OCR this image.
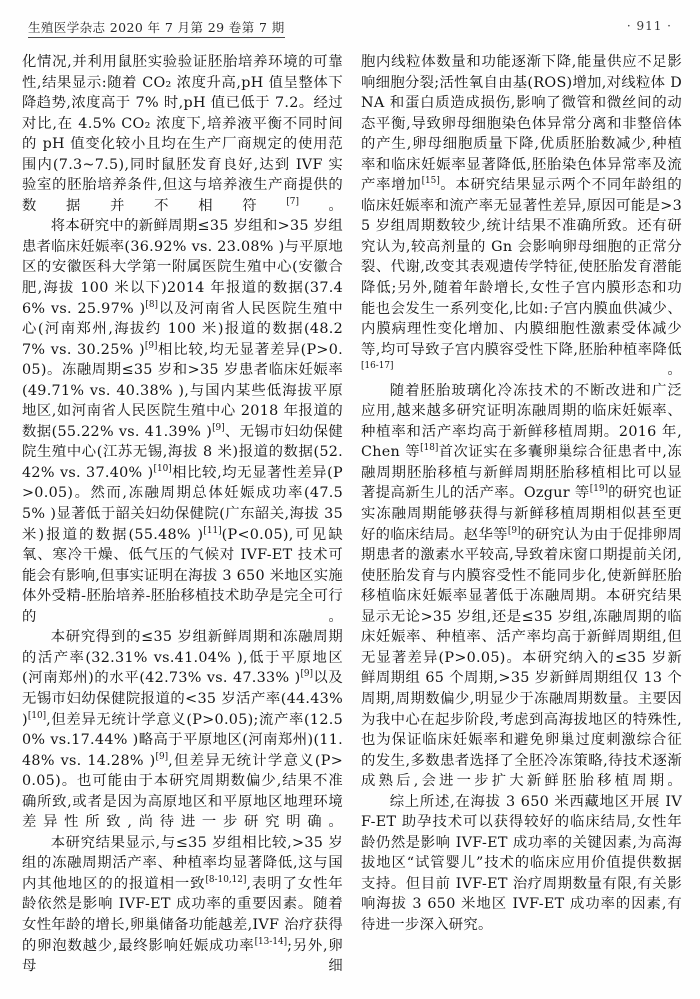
生殖医学杂志 2020 年 7 月第 29 卷第 7 期	· 911 ·

化情况,并利用鼠胚实验验证胚胎培养环境的可靠性,结果显示:随着 CO₂ 浓度升高,pH 值呈整体下降趋势,浓度高于 7% 时,pH 值已低于 7.2。经过对比,在 4.5% CO₂ 浓度下,培养液平衡不同时间的 pH 值变化较小且均在生产厂商规定的使用范围内(7.3~7.5),同时鼠胚发育良好,达到 IVF 实验室的胚胎培养条件,但这与培养液生产商提供的数据并不相符[7]。

将本研究中的新鲜周期≤35 岁组和>35 岁组患者临床妊娠率(36.92% vs. 23.08% )与平原地区的安徽医科大学第一附属医院生殖中心(安徽合肥,海拔 100 米以下)2014 年报道的数据(37.46% vs. 25.97% )[8]以及河南省人民医院生殖中心(河南郑州,海拔约 100 米)报道的数据(48.27% vs. 30.25% )[9]相比较,均无显著差异(P>0.05)。冻融周期≤35 岁和>35 岁患者临床妊娠率(49.71% vs. 40.38% ),与国内某些低海拔平原地区,如河南省人民医院生殖中心 2018 年报道的数据(55.22% vs. 41.39% )[9]、无锡市妇幼保健院生殖中心(江苏无锡,海拔 8 米)报道的数据(52.42% vs. 37.40% )[10]相比较,均无显著性差异(P>0.05)。然而,冻融周期总体妊娠成功率(47.55% )显著低于韶关妇幼保健院(广东韶关,海拔 35 米)报道的数据(55.48% )[11](P<0.05),可见缺氧、寒冷干燥、低气压的气候对 IVF-ET 技术可能会有影响,但事实证明在海拔 3 650 米地区实施体外受精-胚胎培养-胚胎移植技术助孕是完全可行的。

本研究得到的≤35 岁组新鲜周期和冻融周期的活产率(32.31% vs.41.04% ),低于平原地区(河南郑州)的水平(42.73% vs. 47.33% )[9]以及无锡市妇幼保健院报道的<35 岁活产率(44.43% )[10],但差异无统计学意义(P>0.05);流产率(12.50% vs.17.44% )略高于平原地区(河南郑州)(11.48% vs. 14.28% )[9],但差异无统计学意义(P>0.05)。也可能由于本研究周期数偏少,结果不准确所致,或者是因为高原地区和平原地区地理环境差异性所致,尚待进一步研究明确。

本研究结果显示,与≤35 岁组相比较,>35 岁组的冻融周期活产率、种植率均显著降低,这与国内其他地区的的报道相一致[8-10,12],表明了女性年龄依然是影响 IVF-ET 成功率的重要因素。随着女性年龄的增长,卵巢储备功能越差,IVF 治疗获得的卵泡数越少,最终影响妊娠成功率[13-14];另外,卵母细

胞内线粒体数量和功能逐渐下降,能量供应不足影响细胞分裂;活性氧自由基(ROS)增加,对线粒体 DNA 和蛋白质造成损伤,影响了微管和微丝间的动态平衡,导致卵母细胞染色体异常分离和非整倍体的产生,卵母细胞质量下降,优质胚胎数减少,种植率和临床妊娠率显著降低,胚胎染色体异常率及流产率增加[15]。本研究结果显示两个不同年龄组的临床妊娠率和流产率无显著性差异,原因可能是>35 岁组周期数较少,统计结果不准确所致。还有研究认为,较高剂量的 Gn 会影响卵母细胞的正常分裂、代谢,改变其表观遗传学特征,使胚胎发育潜能降低;另外,随着年龄增长,女性子宫内膜形态和功能也会发生一系列变化,比如:子宫内膜血供减少、内膜病理性变化增加、内膜细胞性激素受体减少等,均可导致子宫内膜容受性下降,胚胎种植率降低[16-17]。

随着胚胎玻璃化冷冻技术的不断改进和广泛应用,越来越多研究证明冻融周期的临床妊娠率、种植率和活产率均高于新鲜移植周期。2016 年,Chen 等[18]首次证实在多囊卵巢综合征患者中,冻融周期胚胎移植与新鲜周期胚胎移植相比可以显著提高新生儿的活产率。Ozgur 等[19]的研究也证实冻融周期能够获得与新鲜移植周期相似甚至更好的临床结局。赵华等[9]的研究认为由于促排卵周期患者的激素水平较高,导致着床窗口期提前关闭,使胚胎发育与内膜容受性不能同步化,使新鲜胚胎移植临床妊娠率显著低于冻融周期。本研究结果显示无论>35 岁组,还是≤35 岁组,冻融周期的临床妊娠率、种植率、活产率均高于新鲜周期组,但无显著差异(P>0.05)。本研究纳入的≤35 岁新鲜周期组 65 个周期,>35 岁新鲜周期组仅 13 个周期,周期数偏少,明显少于冻融周期数量。主要因为我中心在起步阶段,考虑到高海拔地区的特殊性,也为保证临床妊娠率和避免卵巢过度刺激综合征的发生,多数患者选择了全胚冷冻策略,待技术逐渐成熟后,会进一步扩大新鲜胚胎移植周期。

综上所述,在海拔 3 650 米西藏地区开展 IVF-ET 助孕技术可以获得较好的临床结局,女性年龄仍然是影响 IVF-ET 成功率的关键因素,为高海拔地区“试管婴儿”技术的临床应用价值提供数据支持。但目前 IVF-ET 治疗周期数量有限,有关影响海拔 3 650 米地区 IVF-ET 成功率的因素,有待进一步深入研究。
